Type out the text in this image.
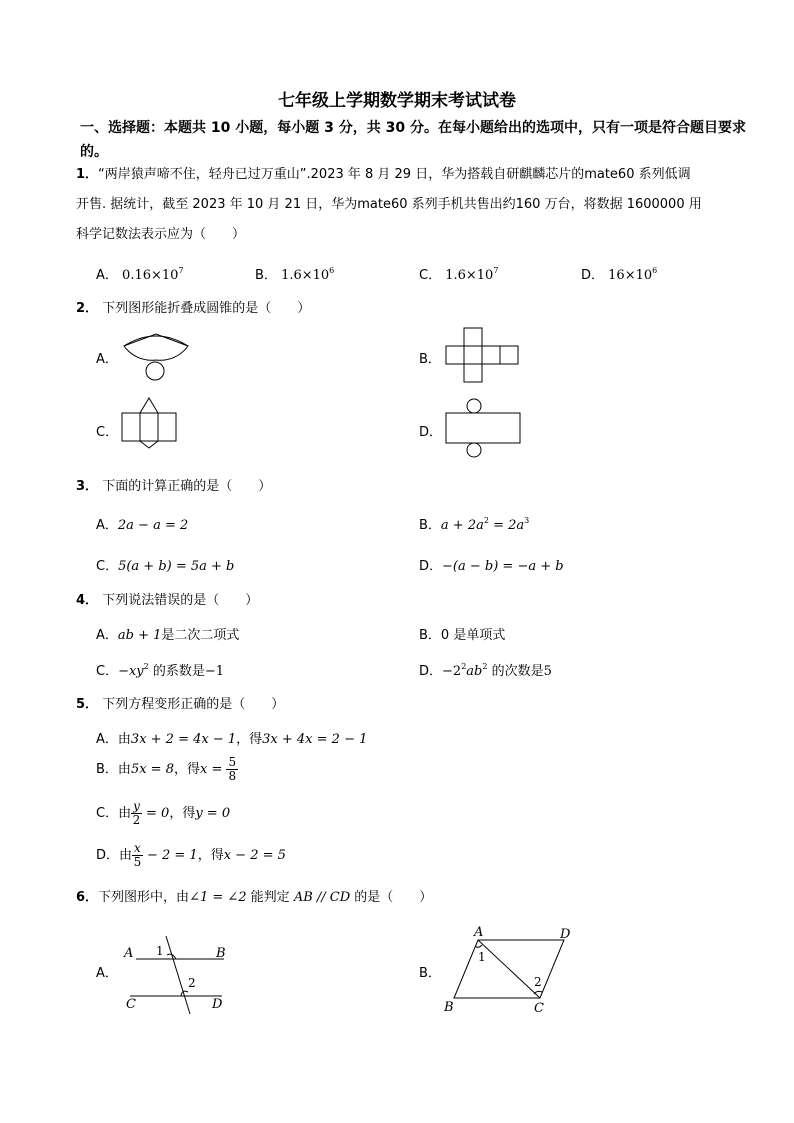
七年级上学期数学期末考试试卷
一、选择题：本题共 10 小题，每小题 3 分，共 30 分。在每小题给出的选项中，只有一项是符合题目要求的。
1．“两岸猿声啼不住，轻舟已过万重山”.2023 年 8 月 29 日，华为搭载自研麒麟芯片的mate60 系列低调
开售. 据统计，截至 2023 年 10 月 21 日，华为mate60 系列手机共售出约160 万台，将数据 1600000 用
科学记数法表示应为（　　）
A． $0.16\times 10^7$	B． $1.6\times 10^6$	C． $1.6\times 10^7$	D． $16\times 10^6$
2． 下列图形能折叠成圆锥的是（　　）
A．	B．
C．	D．
3． 下面的计算正确的是（　　）
A．2a − a = 2	B．$a + 2a^2 = 2a^3$
C．5(a + b) = 5a + b	D．−(a − b) = −a + b
4． 下列说法错误的是（　　）
A．ab + 1是二次二项式	B．0 是单项式
C．$-xy^2$ 的系数是−1	D．$-2^2ab^2$ 的次数是5
5． 下列方程变形正确的是（　　）
A．由3x + 2 = 4x − 1，得3x + 4x = 2 − 1
B．由5x = 8，得$x = \frac{5}{8}$
C．由 $\frac{y}{2} = 0$，得y = 0
D．由 $\frac{x}{5} - 2 = 1$，得x − 2 = 5
6．下列图形中，由∠1 = ∠2 能判定 AB // CD 的是（　　）
A．
A	B
C	D
1
2
B．
A	D
B	C
1
2
